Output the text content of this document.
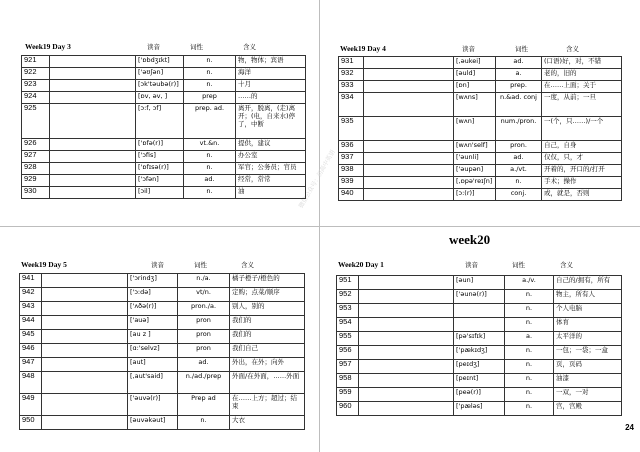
微信公众号：初高中英语
week20
24
Week19 Day 3	读音	词性	含义
921		['ɒbdʒɪkt]	n.	物，物体；宾语
922		['əʊʃən]	n.	海洋
923		[ɔk'təubə(r)]	n.	十月
924		[ɒv, əv, ]	prep	……的
925		[ɔ:f, ɔf]	prep. ad.	离开，脱离，(走)离开；(电，自来水)停了，中断
926		['ɒfə(r)]	vt.&n.	提供，建议
927		['ɔfis]	n.	办公室
928		['ɒfɪsə(r)]	n.	军官；公务员；官员
929		['ɔfən]	ad.	经常，常常
930		[ɔil]	n.	油
Week19 Day 4	读音	词性	含义
931		[,əukei]	ad.	(口语)好，对，不错
932		[əuld]	a.	老的，旧的
933		[ɒn]	prep.	在……上面；关于
934		[wʌns]	n.&ad. conj	一度，从前；一旦
935		[wʌn]	num./pron.	一(个，只……)/一个
936		[wʌn'self]	pron.	自己，自身
937		['əunli]	ad.	仅仅，只，才
938		['əupən]	a./vt.	开着的，开口的/打开
939		[,ɒpə'reɪʃn]	n.	手术；操作
940		[ɔ:(r)]	conj.	或，就是，否则
Week19 Day 5	读音	词性	含义
941		['ɔrindʒ]	n./a.	橘子橙子/橙色的
942		['ɔ:də]	vt/n.	定购；点菜/顺序
943		['ʌðə(r)]	pron./a.	别人，别的
944		['auə]	pron	我们的
945		[au z ]	pron	我们的
946		[ɑ:'selvz]	pron	我们自己
947		[aut]	ad.	外出，在外；向外
948		[,aut'said]	n./ad./prep	外面/在外面，……外面
949		['əuvə(r)]	Prep ad	在……上方；超过；结束
950		[əuvəkəut]	n.	大衣
Week20 Day 1	读音	词性	含义
951		[əun]	a./v.	自己的/拥有，所有
952		['əunə(r)]	n.	物主，所有人
953			n.	个人电脑
954			n.	体育
955		[pə'sɪfɪk]	a.	太平洋的
956		['pækɪdʒ]	n.	一包；一袋；一盒
957		[peɪdʒ]	n.	页，页码
958		[peɪnt]	n.	油漆
959		[peə(r)]	n.	一双，一对
960		['pæləs]	n.	宫，宫殿
